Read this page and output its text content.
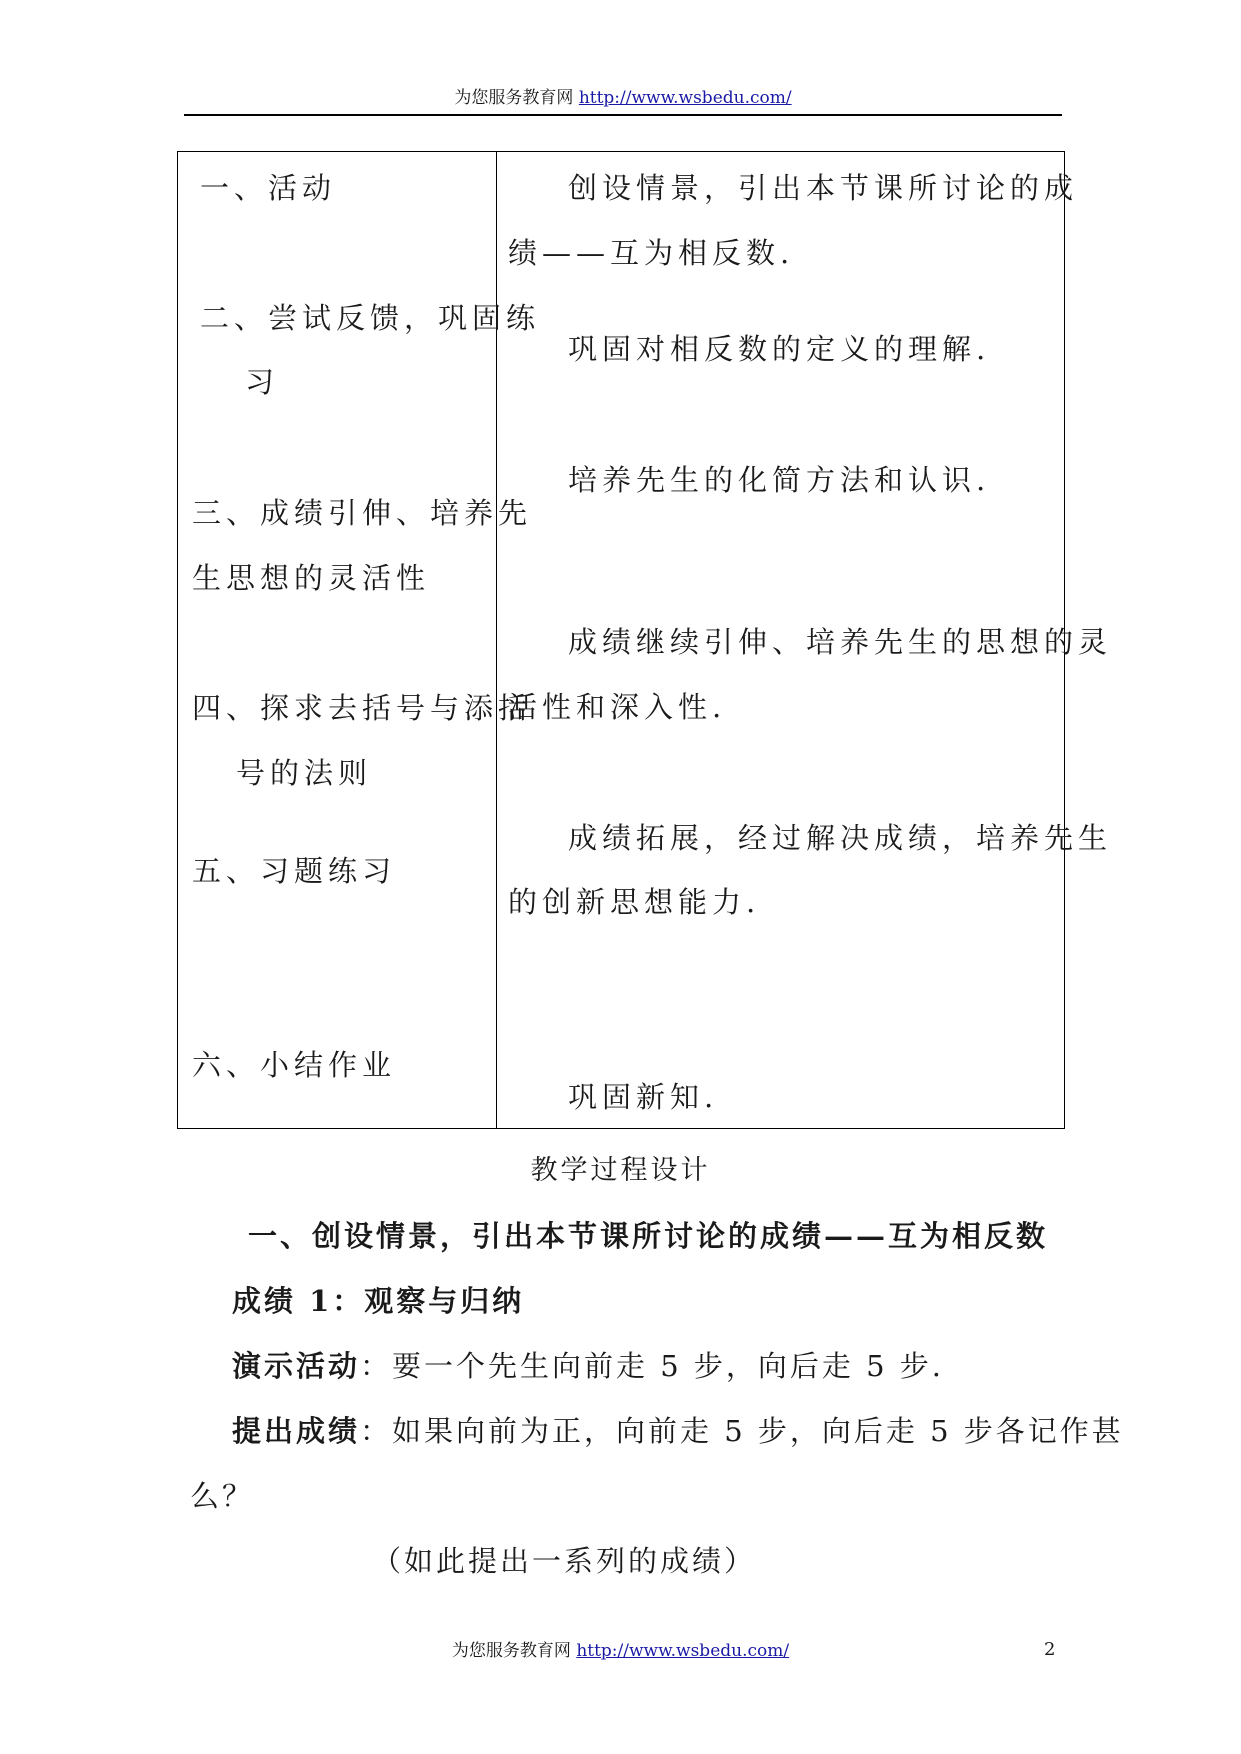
为您服务教育网 http://www.wsbedu.com/
一、活动
二、尝试反馈，巩固练
习
三、成绩引伸、培养先
生思想的灵活性
四、探求去括号与添括
号的法则
五、习题练习
六、小结作业
创设情景，引出本节课所讨论的成
绩——互为相反数.
巩固对相反数的定义的理解.
培养先生的化简方法和认识.
成绩继续引伸、培养先生的思想的灵
活性和深入性.
成绩拓展，经过解决成绩，培养先生
的创新思想能力.
巩固新知.
教学过程设计
一、创设情景，引出本节课所讨论的成绩——互为相反数
成绩 1：观察与归纳
演示活动：要一个先生向前走 5 步，向后走 5 步.
提出成绩：如果向前为正，向前走 5 步，向后走 5 步各记作甚
么？
（如此提出一系列的成绩）
为您服务教育网 http://www.wsbedu.com/	2
